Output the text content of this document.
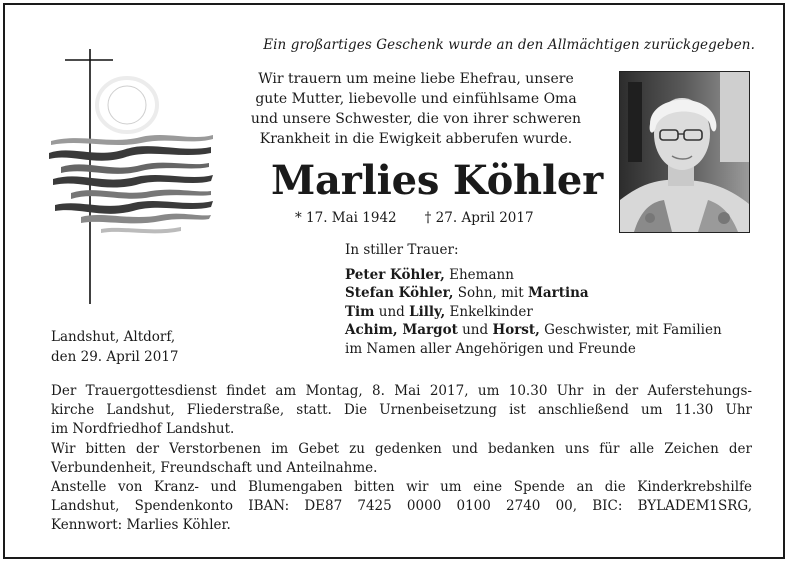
Ein großartiges Geschenk wurde an den Allmächtigen zurückgegeben.
Wir trauern um meine liebe Ehefrau, unsere
gute Mutter, liebevolle und einfühlsame Oma
und unsere Schwester, die von ihrer schweren
Krankheit in die Ewigkeit abberufen wurde.
Marlies Köhler
* 17. Mai 1942 † 27. April 2017
In stiller Trauer:
Peter Köhler, Ehemann
Stefan Köhler, Sohn, mit Martina
Tim und Lilly, Enkelkinder
Achim, Margot und Horst, Geschwister, mit Familien
im Namen aller Angehörigen und Freunde
Landshut, Altdorf,
den 29. April 2017

Der Trauergottesdienst findet am Montag, 8. Mai 2017, um 10.30 Uhr in der Auferstehungs-

kirche Landshut, Fliederstraße, statt. Die Urnenbeisetzung ist anschließend um 11.30 Uhr

im Nordfriedhof Landshut.

Wir bitten der Verstorbenen im Gebet zu gedenken und bedanken uns für alle Zeichen der

Verbundenheit, Freundschaft und Anteilnahme.

Anstelle von Kranz- und Blumengaben bitten wir um eine Spende an die Kinderkrebshilfe

Landshut, Spendenkonto IBAN: DE87 7425 0000 0100 2740 00, BIC: BYLADEM1SRG,

Kennwort: Marlies Köhler.
